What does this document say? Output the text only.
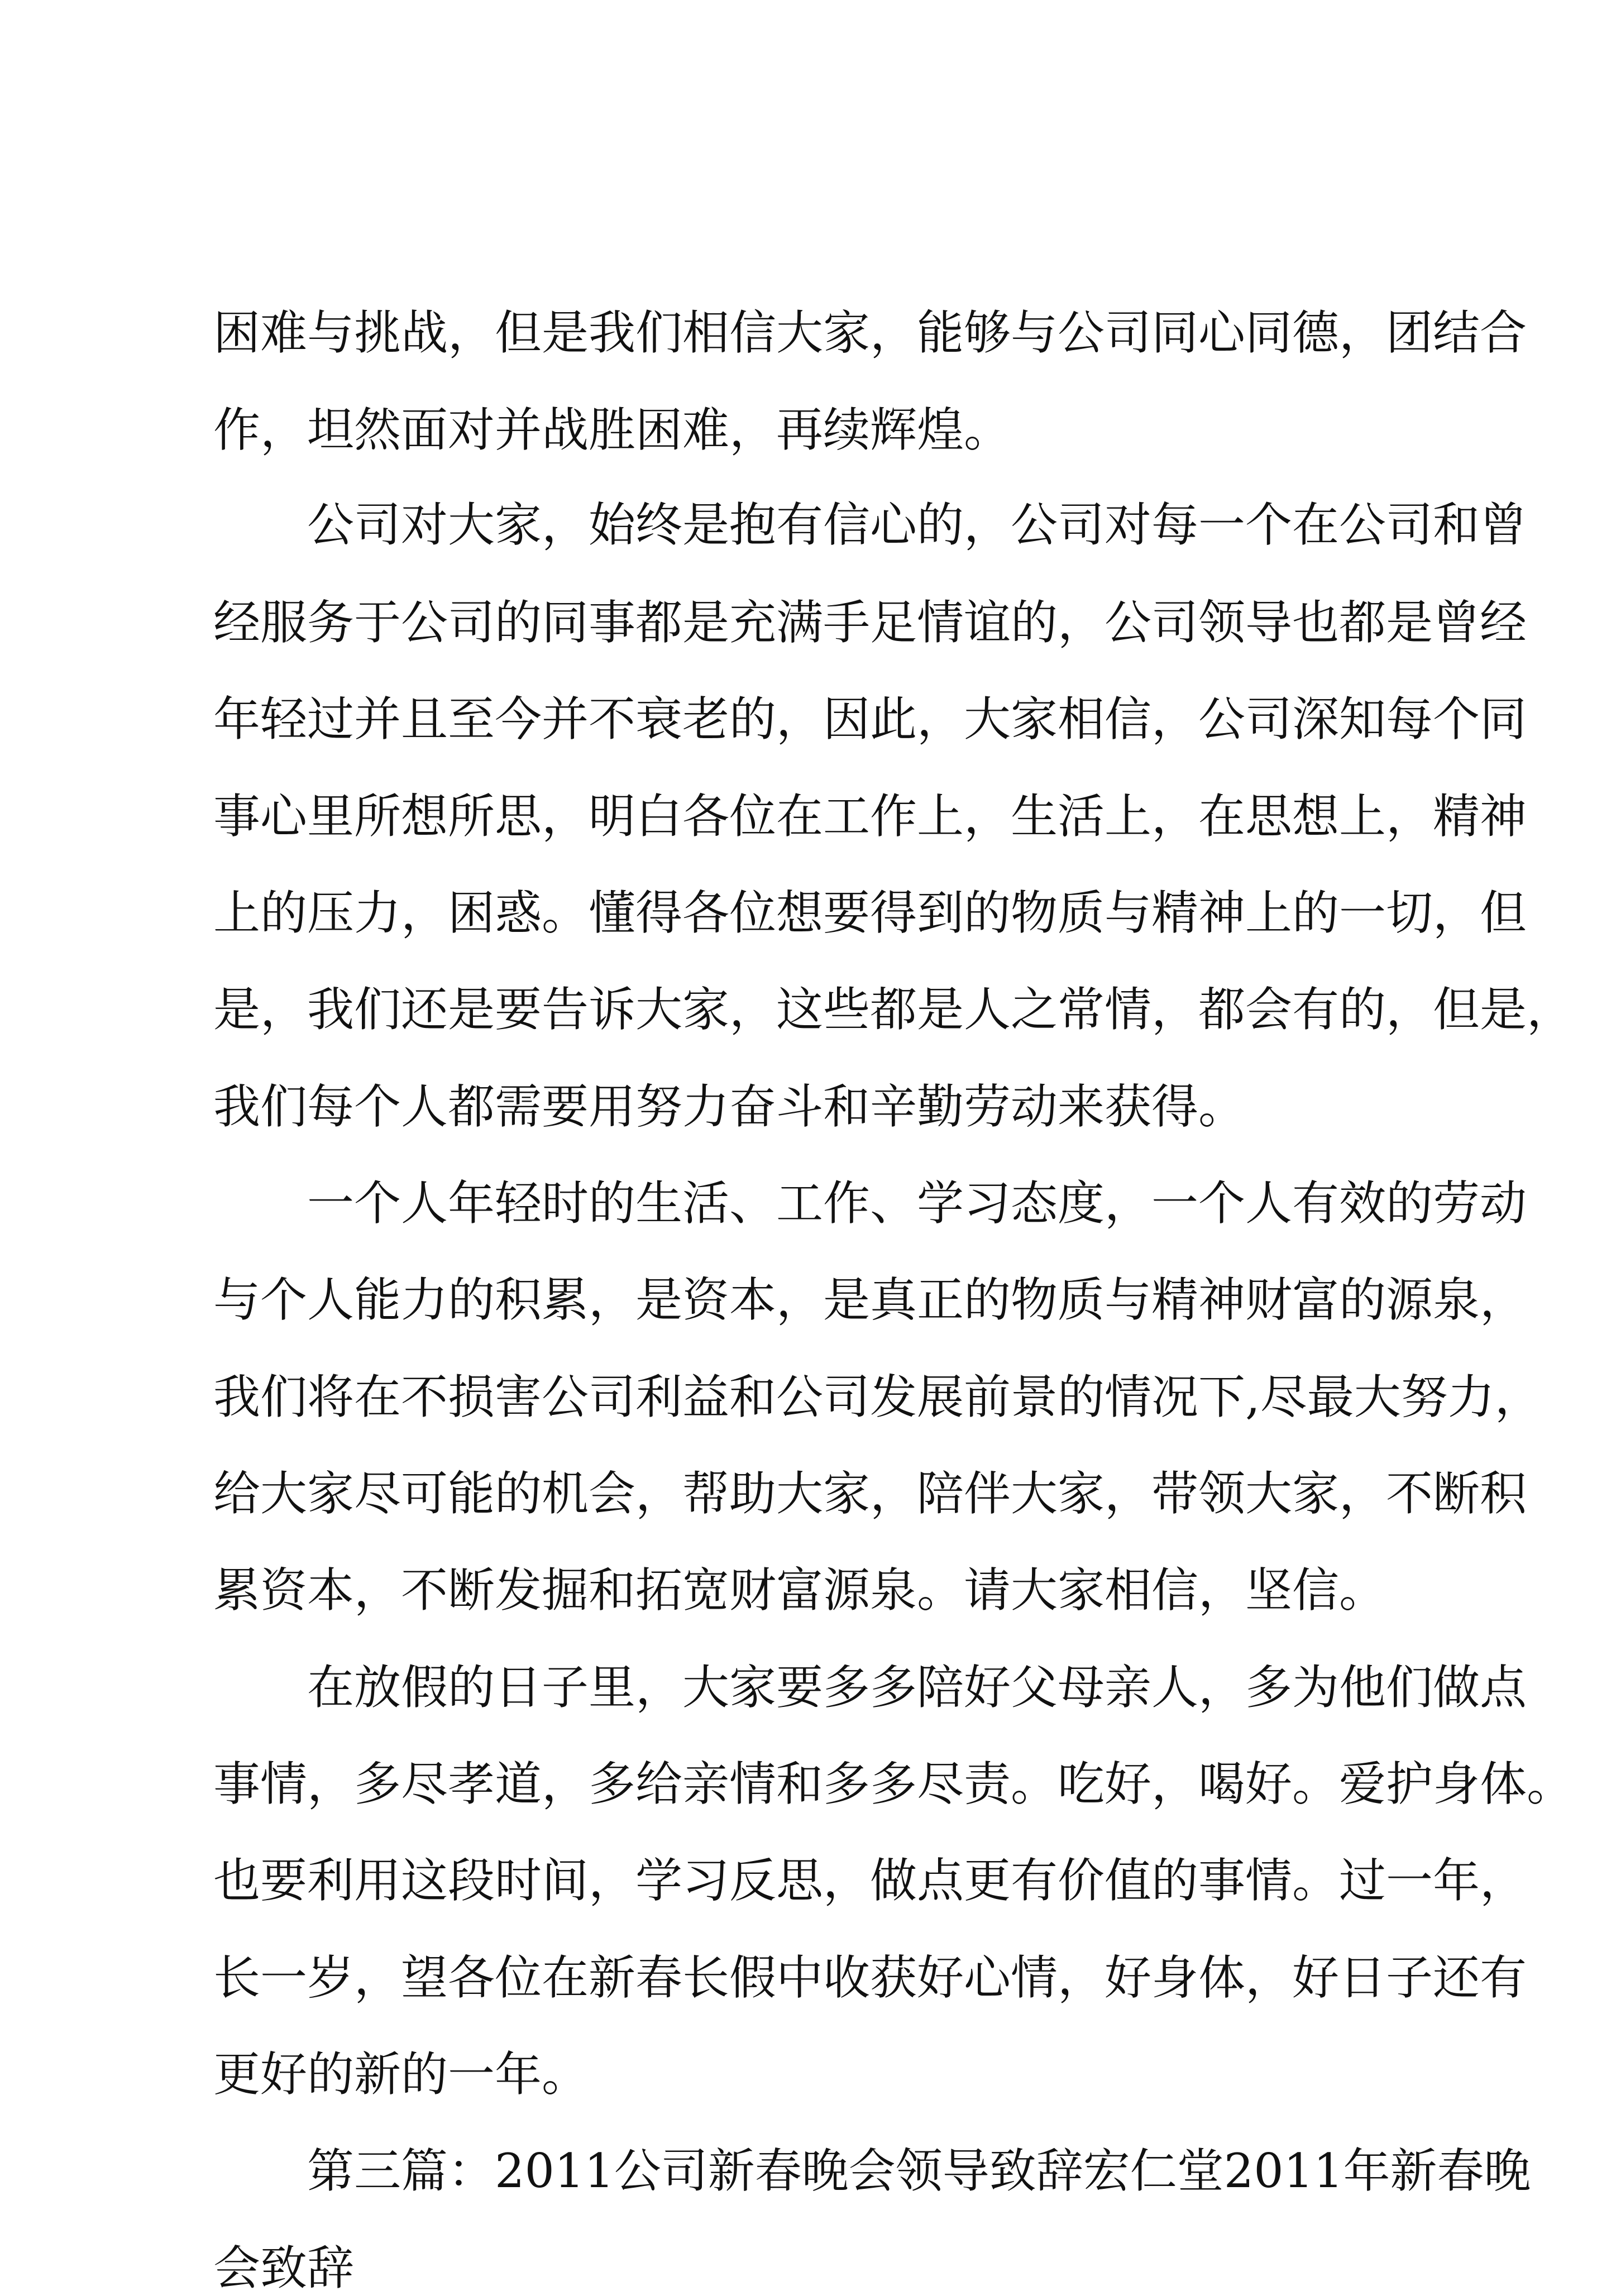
困难与挑战，但是我们相信大家，能够与公司同心同德，团结合
作，坦然面对并战胜困难，再续辉煌。
公司对大家，始终是抱有信心的，公司对每一个在公司和曾
经服务于公司的同事都是充满手足情谊的，公司领导也都是曾经
年轻过并且至今并不衰老的，因此，大家相信，公司深知每个同
事心里所想所思，明白各位在工作上，生活上，在思想上，精神
上的压力，困惑。懂得各位想要得到的物质与精神上的一切，但
是，我们还是要告诉大家，这些都是人之常情，都会有的，但是，
我们每个人都需要用努力奋斗和辛勤劳动来获得。
一个人年轻时的生活、工作、学习态度，一个人有效的劳动
与个人能力的积累，是资本，是真正的物质与精神财富的源泉，
我们将在不损害公司利益和公司发展前景的情况下,尽最大努力，
给大家尽可能的机会，帮助大家，陪伴大家，带领大家，不断积
累资本，不断发掘和拓宽财富源泉。请大家相信，坚信。
在放假的日子里，大家要多多陪好父母亲人，多为他们做点
事情，多尽孝道，多给亲情和多多尽责。吃好，喝好。爱护身体。
也要利用这段时间，学习反思，做点更有价值的事情。过一年，
长一岁，望各位在新春长假中收获好心情，好身体，好日子还有
更好的新的一年。
第三篇：2011公司新春晚会领导致辞宏仁堂2011年新春晚
会致辞
